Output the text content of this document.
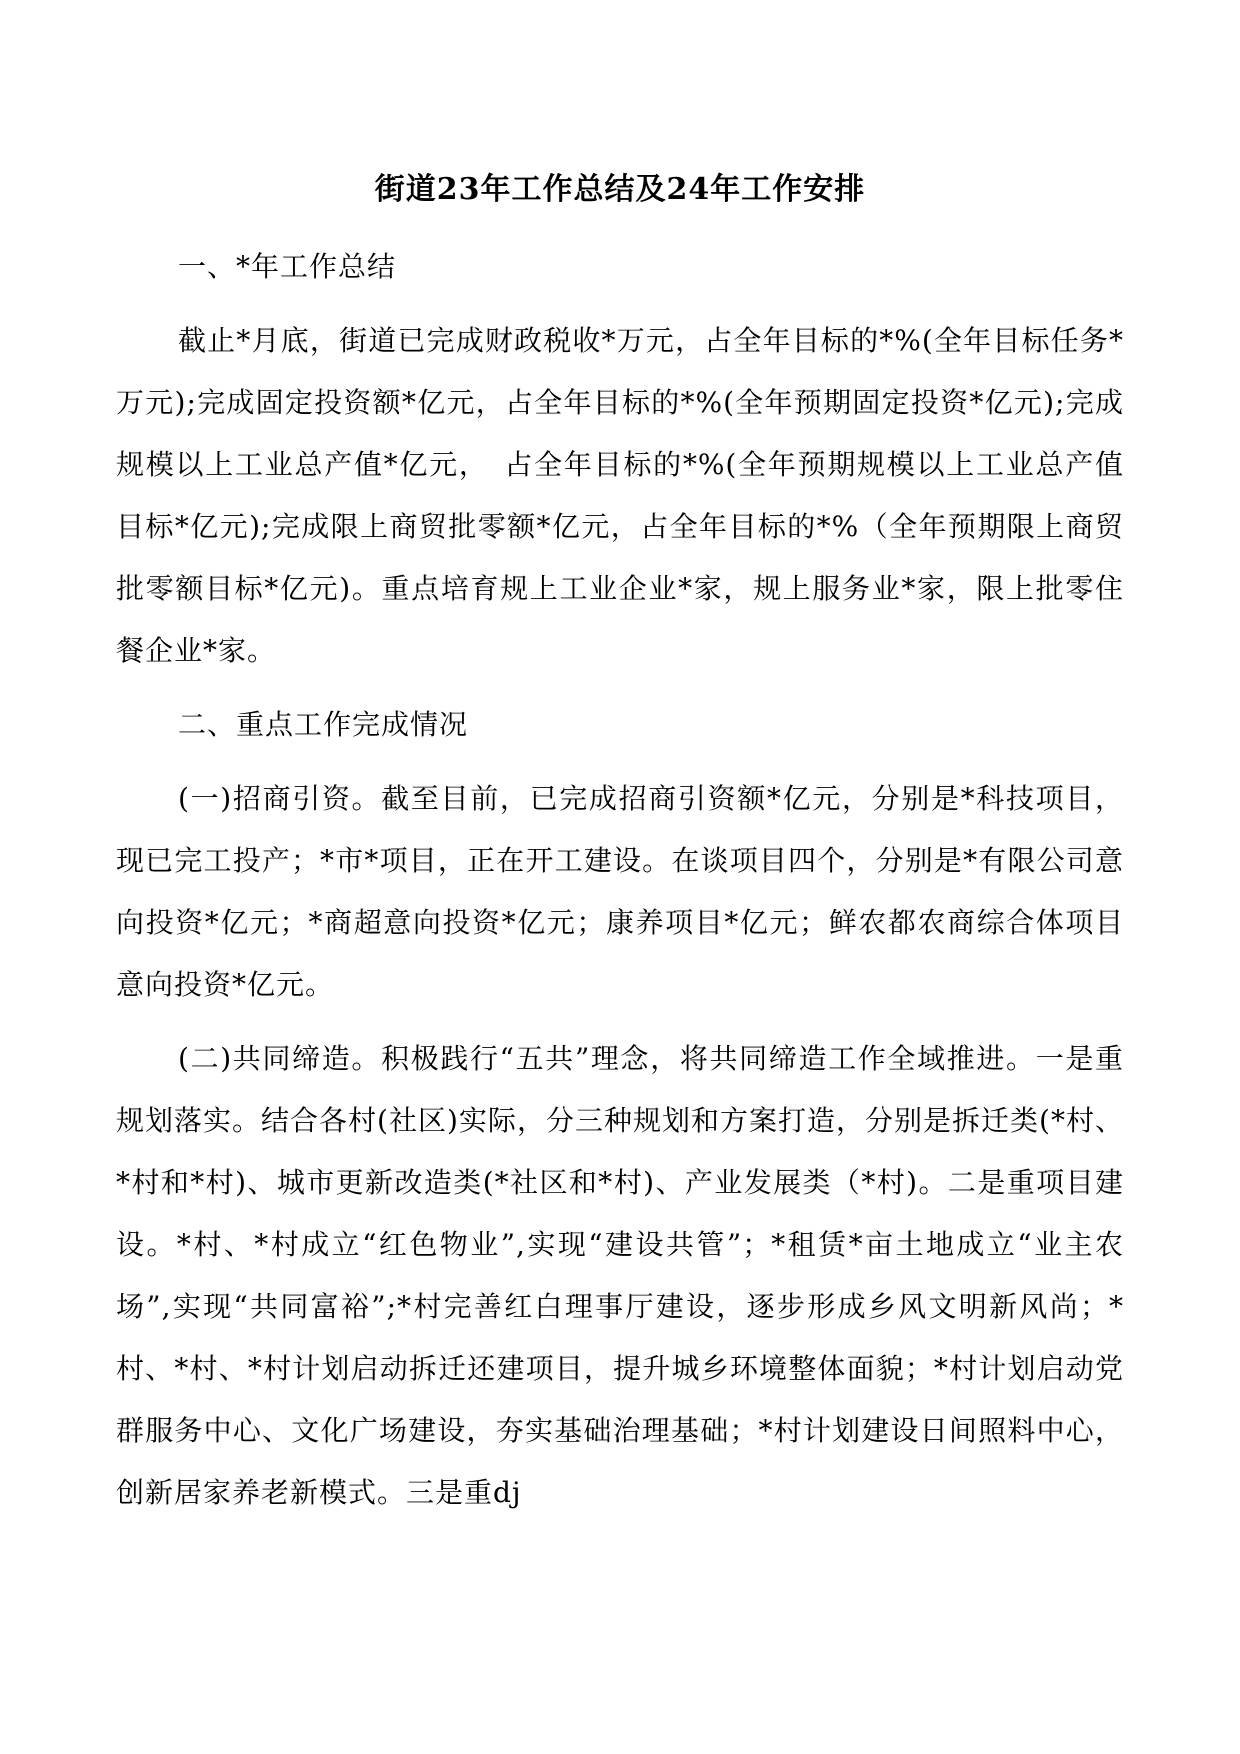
街道23年工作总结及24年工作安排

一、*年工作总结

截止*月底，街道已完成财政税收*万元，占全年目标的*%(全年目标任务*万元);完成固定投资额*亿元，占全年目标的*%(全年预期固定投资*亿元);完成规模以上工业总产值*亿元，　占全年目标的*%(全年预期规模以上工业总产值目标*亿元);完成限上商贸批零额*亿元，占全年目标的*%（全年预期限上商贸批零额目标*亿元)。重点培育规上工业企业*家，规上服务业*家，限上批零住餐企业*家。

二、重点工作完成情况

(一)招商引资。截至目前，已完成招商引资额*亿元，分别是*科技项目，现已完工投产；*市*项目，正在开工建设。在谈项目四个，分别是*有限公司意向投资*亿元；*商超意向投资*亿元；康养项目*亿元；鲜农都农商综合体项目意向投资*亿元。

(二)共同缔造。积极践行“五共”理念，将共同缔造工作全域推进。一是重规划落实。结合各村(社区)实际，分三种规划和方案打造，分别是拆迁类(*村、*村和*村)、城市更新改造类(*社区和*村)、产业发展类（*村)。二是重项目建设。*村、*村成立“红色物业”,实现“建设共管”；*租赁*亩土地成立“业主农场”,实现“共同富裕”;*村完善红白理事厅建设，逐步形成乡风文明新风尚；*村、*村、*村计划启动拆迁还建项目，提升城乡环境整体面貌；*村计划启动党群服务中心、文化广场建设，夯实基础治理基础；*村计划建设日间照料中心，创新居家养老新模式。三是重dj
